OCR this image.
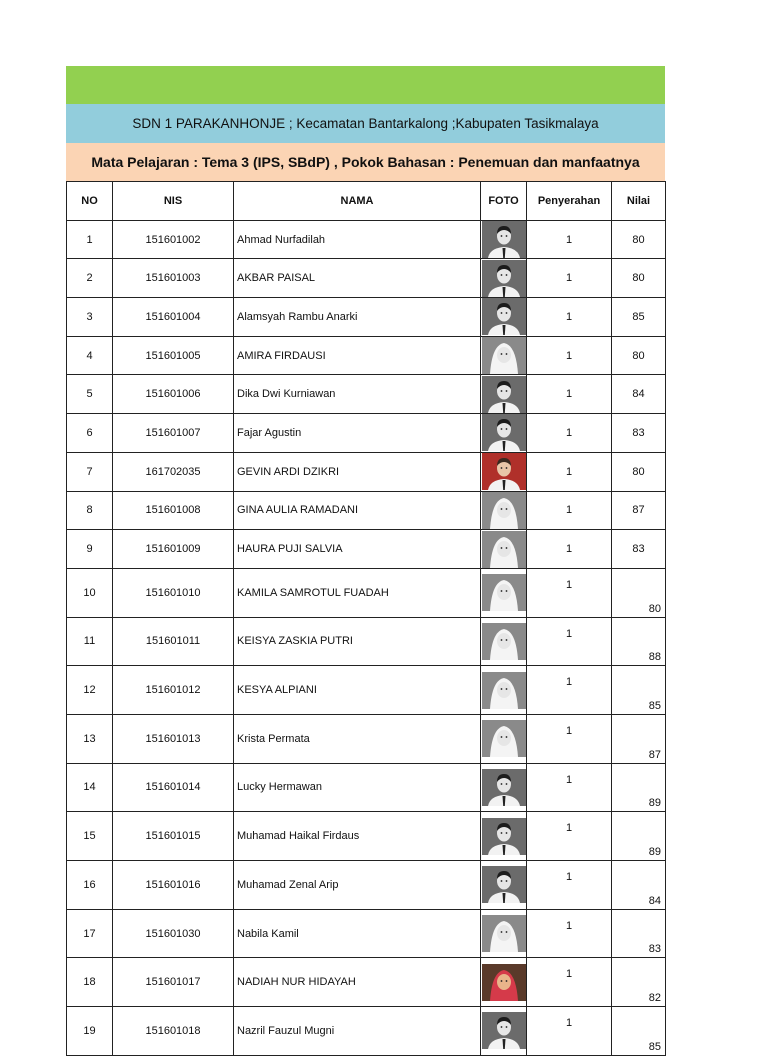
SDN 1 PARAKANHONJE ; Kecamatan Bantarkalong ;Kabupaten Tasikmalaya
Mata Pelajaran : Tema 3 (IPS, SBdP) , Pokok Bahasan : Penemuan dan manfaatnya
NO	NIS	NAMA	FOTO	Penyerahan	Nilai
1	151601002	Ahmad Nurfadilah		1	80
2	151601003	AKBAR PAISAL		1	80
3	151601004	Alamsyah Rambu Anarki		1	85
4	151601005	AMIRA FIRDAUSI		1	80
5	151601006	Dika Dwi Kurniawan		1	84
6	151601007	Fajar Agustin		1	83
7	161702035	GEVIN ARDI DZIKRI		1	80
8	151601008	GINA AULIA RAMADANI		1	87
9	151601009	HAURA PUJI SALVIA		1	83
10	151601010	KAMILA SAMROTUL FUADAH		1	80
11	151601011	KEISYA ZASKIA PUTRI		1	88
12	151601012	KESYA ALPIANI		1	85
13	151601013	Krista Permata		1	87
14	151601014	Lucky Hermawan		1	89
15	151601015	Muhamad Haikal Firdaus		1	89
16	151601016	Muhamad Zenal Arip		1	84
17	151601030	Nabila Kamil		1	83
18	151601017	NADIAH NUR HIDAYAH		1	82
19	151601018	Nazril Fauzul Mugni		1	85
